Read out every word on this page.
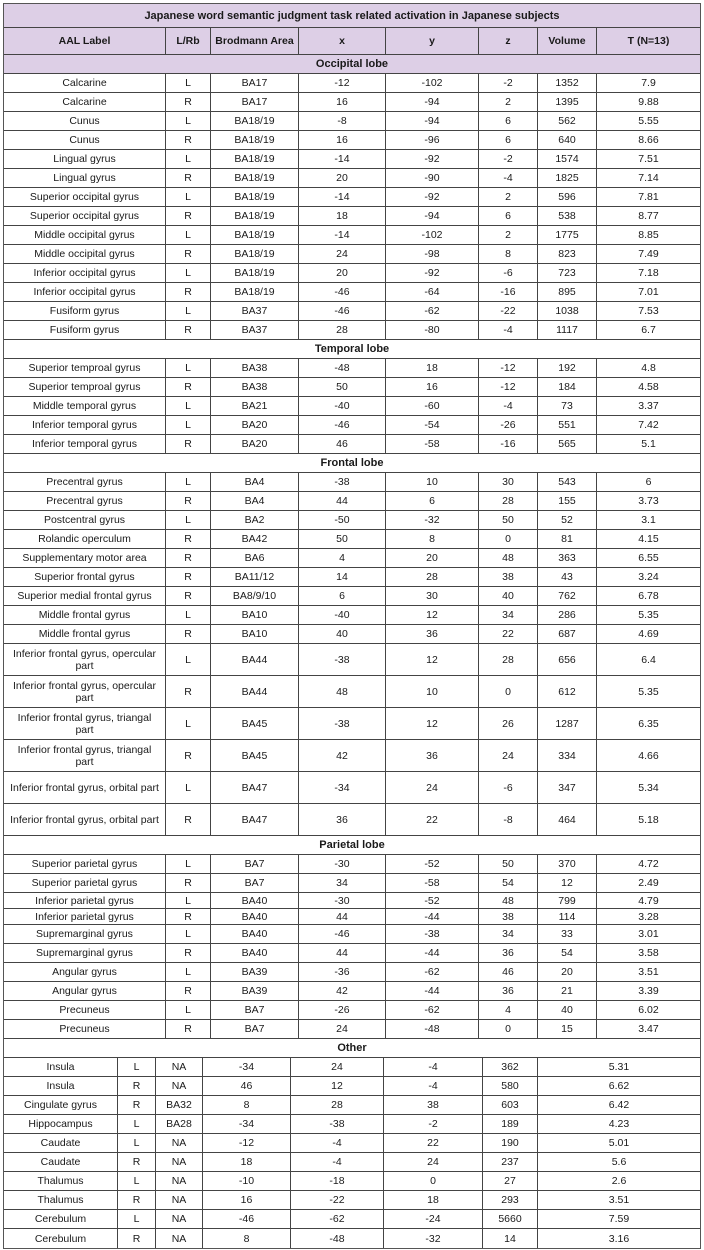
Japanese word semantic judgment task related activation in Japanese subjects
AAL Label	L/Rb	Brodmann Area	x	y	z	Volume	T (N=13)
Occipital lobe
Calcarine	L	BA17	-12	-102	-2	1352	7.9
Calcarine	R	BA17	16	-94	2	1395	9.88
Cunus	L	BA18/19	-8	-94	6	562	5.55
Cunus	R	BA18/19	16	-96	6	640	8.66
Lingual gyrus	L	BA18/19	-14	-92	-2	1574	7.51
Lingual gyrus	R	BA18/19	20	-90	-4	1825	7.14
Superior occipital gyrus	L	BA18/19	-14	-92	2	596	7.81
Superior occipital gyrus	R	BA18/19	18	-94	6	538	8.77
Middle occipital gyrus	L	BA18/19	-14	-102	2	1775	8.85
Middle occipital gyrus	R	BA18/19	24	-98	8	823	7.49
Inferior occipital gyrus	L	BA18/19	20	-92	-6	723	7.18
Inferior occipital gyrus	R	BA18/19	-46	-64	-16	895	7.01
Fusiform gyrus	L	BA37	-46	-62	-22	1038	7.53
Fusiform gyrus	R	BA37	28	-80	-4	1117	6.7
Temporal lobe
Superior temproal gyrus	L	BA38	-48	18	-12	192	4.8
Superior temproal gyrus	R	BA38	50	16	-12	184	4.58
Middle temporal gyrus	L	BA21	-40	-60	-4	73	3.37
Inferior temporal gyrus	L	BA20	-46	-54	-26	551	7.42
Inferior temporal gyrus	R	BA20	46	-58	-16	565	5.1
Frontal lobe
Precentral gyrus	L	BA4	-38	10	30	543	6
Precentral gyrus	R	BA4	44	6	28	155	3.73
Postcentral gyrus	L	BA2	-50	-32	50	52	3.1
Rolandic operculum	R	BA42	50	8	0	81	4.15
Supplementary motor area	R	BA6	4	20	48	363	6.55
Superior frontal gyrus	R	BA11/12	14	28	38	43	3.24
Superior medial frontal gyrus	R	BA8/9/10	6	30	40	762	6.78
Middle frontal gyrus	L	BA10	-40	12	34	286	5.35
Middle frontal gyrus	R	BA10	40	36	22	687	4.69
Inferior frontal gyrus, opercular part	L	BA44	-38	12	28	656	6.4
Inferior frontal gyrus, opercular part	R	BA44	48	10	0	612	5.35
Inferior frontal gyrus, triangal part	L	BA45	-38	12	26	1287	6.35
Inferior frontal gyrus, triangal part	R	BA45	42	36	24	334	4.66
Inferior frontal gyrus, orbital part	L	BA47	-34	24	-6	347	5.34
Inferior frontal gyrus, orbital part	R	BA47	36	22	-8	464	5.18
Parietal lobe
Superior parietal gyrus	L	BA7	-30	-52	50	370	4.72
Superior parietal gyrus	R	BA7	34	-58	54	12	2.49
Inferior parietal gyrus	L	BA40	-30	-52	48	799	4.79
Inferior parietal gyrus	R	BA40	44	-44	38	114	3.28
Supremarginal gyrus	L	BA40	-46	-38	34	33	3.01
Supremarginal gyrus	R	BA40	44	-44	36	54	3.58
Angular gyrus	L	BA39	-36	-62	46	20	3.51
Angular gyrus	R	BA39	42	-44	36	21	3.39
Precuneus	L	BA7	-26	-62	4	40	6.02
Precuneus	R	BA7	24	-48	0	15	3.47
Other
Insula	L	NA	-34	24	-4	362	5.31
Insula	R	NA	46	12	-4	580	6.62
Cingulate gyrus	R	BA32	8	28	38	603	6.42
Hippocampus	L	BA28	-34	-38	-2	189	4.23
Caudate	L	NA	-12	-4	22	190	5.01
Caudate	R	NA	18	-4	24	237	5.6
Thalumus	L	NA	-10	-18	0	27	2.6
Thalumus	R	NA	16	-22	18	293	3.51
Cerebulum	L	NA	-46	-62	-24	5660	7.59
Cerebulum	R	NA	8	-48	-32	14	3.16
